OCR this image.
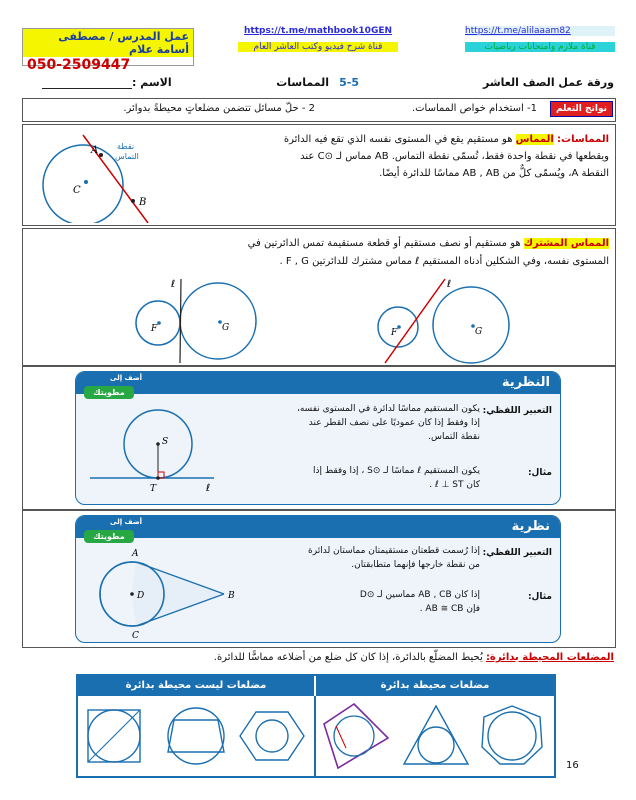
عمل المدرس / مصطفى أسامة علام
050-2509447
https://t.me/mathbook10GEN
قناة شرح فيديو وكتب العاشر العام
https://t.me/alilaaam82
قناة ملازم وامتحانات رياضيات
ورقة عمل الصف العاشر
5-5
المماسات
الاسم :
نواتج التعلم
1- استخدام خواص المماسات.
2 - حلّ مسائل تتضمن مضلعاتٍ محيطةً بدوائر.
المماسات: المماس هو مستقيم يقع في المستوى نفسه الذي تقع فيه الدائرة
ويقطعها في نقطة واحدة فقط، تُسمّى نقطة التماس. AB مماس لـ ⊙C عند
النقطة A، ويُسمّى كلٌّ من AB , AB مماسًا للدائرة أيضًا.
A
B
C
نقطة
التماس
المماس المشترك هو مستقيم أو نصف مستقيم أو قطعة مستقيمة تمس الدائرتين في
المستوى نفسه، وفي الشكلين أدناه المستقيم ℓ مماس مشترك للدائرتين F , G .
F	G
ℓ
F	G
ℓ
النظرية
أضف إلى
مطويتك
التعبير اللفظي:
يكون المستقيم مماسًا لدائرة في المستوى نفسه،
إذا وفقط إذا كان عموديًا على نصف القطر عند
نقطة التماس.
مثال:
يكون المستقيم ℓ مماسًا لـ ⊙S ، إذا وفقط إذا
كان ℓ ⊥ ST .
S
T	ℓ
نظرية
أضف إلى
مطويتك
التعبير اللفظي:
إذا رُسمت قطعتان مستقيمتان مماستان لدائرة
من نقطة خارجها فإنهما متطابقتان.
مثال:
إذا كان AB , CB مماسين لـ ⊙D
فإن AB ≅ CB .
A
B
C
D
المضلعات المحيطة بدائرة: يُحيط المضلّع بالدائرة، إذا كان كل ضلع من أضلاعه مماسًّا للدائرة.
مضلعات ليست محيطة بدائرة	مضلعات محيطة بدائرة
16
